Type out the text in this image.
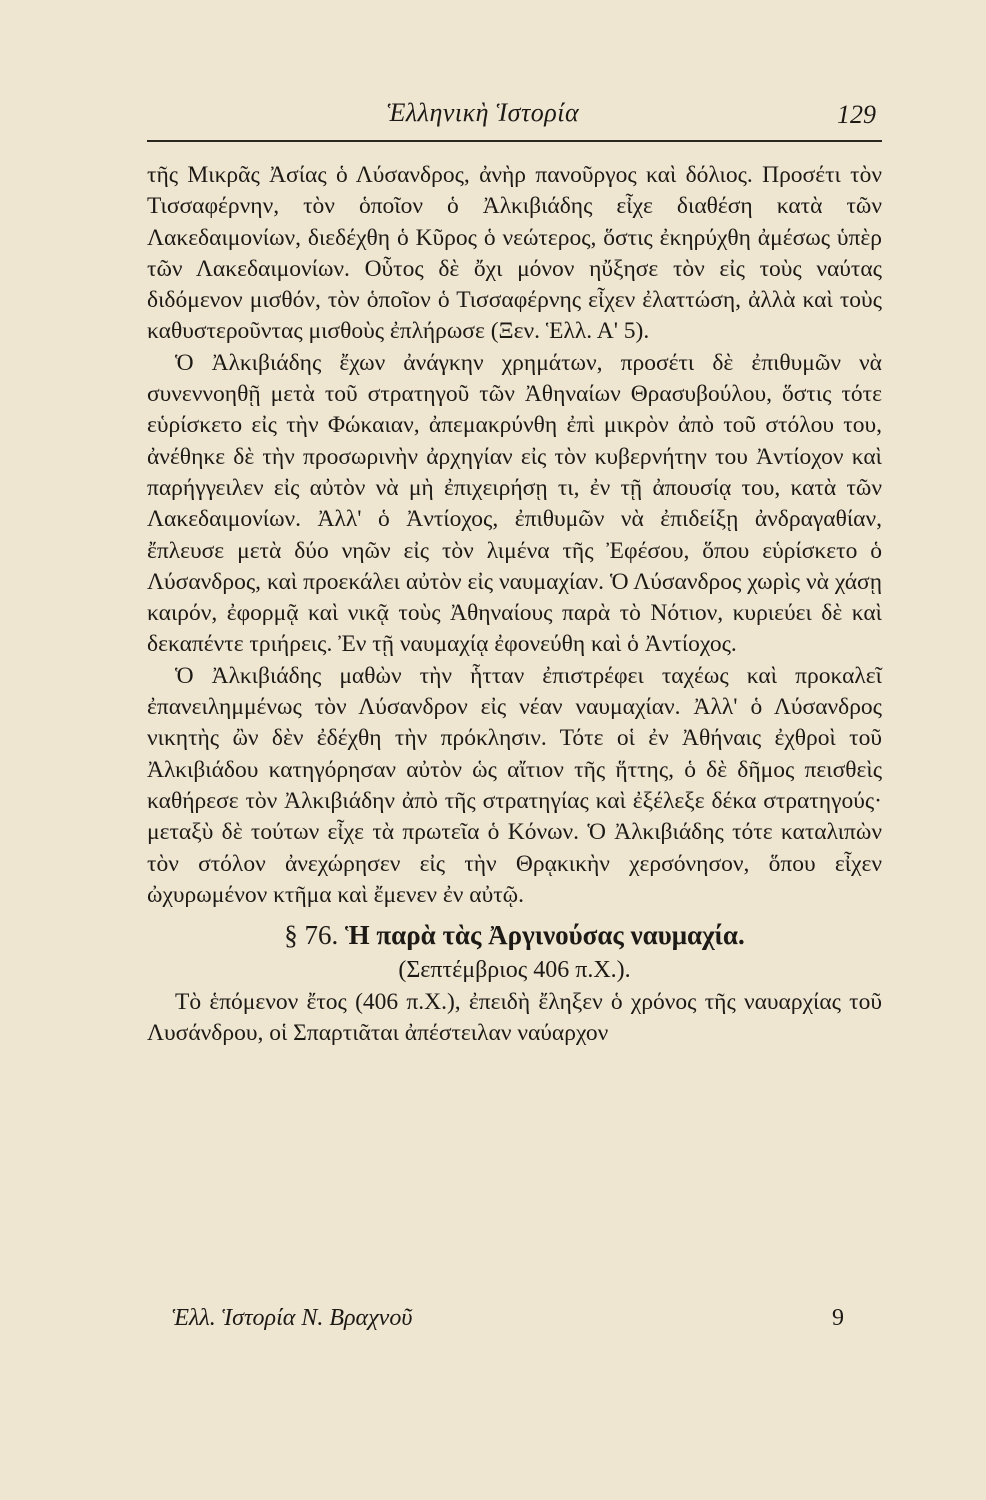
Ἑλληνικὴ Ἱστορία	129

τῆς Μικρᾶς Ἀσίας ὁ Λύσανδρος, ἀνὴρ πανοῦργος καὶ δόλιος. Προσέτι τὸν Τισσαφέρνην, τὸν ὁποῖον ὁ Ἀλκιβιάδης εἶχε διαθέση κατὰ τῶν Λακεδαιμονίων, διεδέχθη ὁ Κῦρος ὁ νεώτερος, ὅστις ἐκηρύχθη ἀμέσως ὑπὲρ τῶν Λακεδαιμονίων. Οὗτος δὲ ὄχι μόνον ηὔξησε τὸν εἰς τοὺς ναύτας διδόμενον μισθόν, τὸν ὁποῖον ὁ Τισσαφέρνης εἶχεν ἐλαττώση, ἀλλὰ καὶ τοὺς καθυστεροῦντας μισθοὺς ἐπλήρωσε (Ξεν. Ἑλλ. Α' 5).

Ὁ Ἀλκιβιάδης ἔχων ἀνάγκην χρημάτων, προσέτι δὲ ἐπιθυμῶν νὰ συνεννοηθῇ μετὰ τοῦ στρατηγοῦ τῶν Ἀθηναίων Θρασυβούλου, ὅστις τότε εὑρίσκετο εἰς τὴν Φώκαιαν, ἀπεμακρύνθη ἐπὶ μικρὸν ἀπὸ τοῦ στόλου του, ἀνέθηκε δὲ τὴν προσωρινὴν ἀρχηγίαν εἰς τὸν κυβερνήτην του Ἀντίοχον καὶ παρήγγειλεν εἰς αὐτὸν νὰ μὴ ἐπιχειρήσῃ τι, ἐν τῇ ἀπουσίᾳ του, κατὰ τῶν Λακεδαιμονίων. Ἀλλ' ὁ Ἀντίοχος, ἐπιθυμῶν νὰ ἐπιδείξῃ ἀνδραγαθίαν, ἔπλευσε μετὰ δύο νηῶν εἰς τὸν λιμένα τῆς Ἐφέσου, ὅπου εὑρίσκετο ὁ Λύσανδρος, καὶ προεκάλει αὐτὸν εἰς ναυμαχίαν. Ὁ Λύσανδρος χωρὶς νὰ χάσῃ καιρόν, ἐφορμᾷ καὶ νικᾷ τοὺς Ἀθηναίους παρὰ τὸ Νότιον, κυριεύει δὲ καὶ δεκαπέντε τριήρεις. Ἐν τῇ ναυμαχίᾳ ἐφονεύθη καὶ ὁ Ἀντίοχος.

Ὁ Ἀλκιβιάδης μαθὼν τὴν ἧτταν ἐπιστρέφει ταχέως καὶ προκαλεῖ ἐπανειλημμένως τὸν Λύσανδρον εἰς νέαν ναυμαχίαν. Ἀλλ' ὁ Λύσανδρος νικητὴς ὢν δὲν ἐδέχθη τὴν πρόκλησιν. Τότε οἱ ἐν Ἀθήναις ἐχθροὶ τοῦ Ἀλκιβιάδου κατηγόρησαν αὐτὸν ὡς αἴτιον τῆς ἥττης, ὁ δὲ δῆμος πεισθεὶς καθήρεσε τὸν Ἀλκιβιάδην ἀπὸ τῆς στρατηγίας καὶ ἐξέλεξε δέκα στρατηγούς· μεταξὺ δὲ τούτων εἶχε τὰ πρωτεῖα ὁ Κόνων. Ὁ Ἀλκιβιάδης τότε καταλιπὼν τὸν στόλον ἀνεχώρησεν εἰς τὴν Θρᾳκικὴν χερσόνησον, ὅπου εἶχεν ὠχυρωμένον κτῆμα καὶ ἔμενεν ἐν αὐτῷ.

§ 76. Ἡ παρὰ τὰς Ἀργινούσας ναυμαχία.

(Σεπτέμβριος 406 π.Χ.).

Τὸ ἑπόμενον ἔτος (406 π.Χ.), ἐπειδὴ ἔληξεν ὁ χρόνος τῆς ναυαρχίας τοῦ Λυσάνδρου, οἱ Σπαρτιᾶται ἀπέστειλαν ναύαρχον

Ἑλλ. Ἱστορία Ν. Βραχνοῦ	9
